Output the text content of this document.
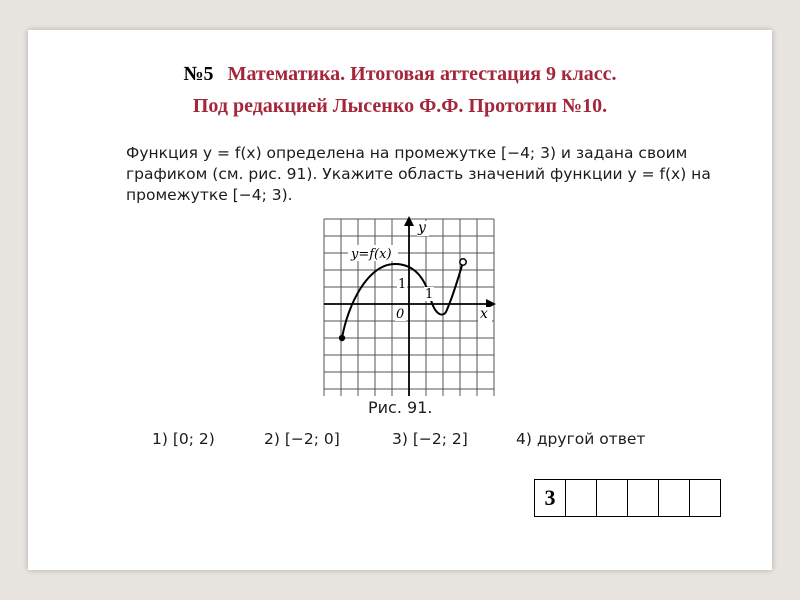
№5 Математика. Итоговая аттестация 9 класс.
Под редакцией Лысенко Ф.Ф. Прототип №10.

Функция y = f(x) определена на промежутке [−4; 3) и задана своим

графиком (см. рис. 91). Укажите область значений функции y = f(x) на

промежутке [−4; 3).

y=f(x)
y
x
0
1
1
Рис. 91.
1) [0; 2)	2) [−2; 0]	3) [−2; 2]	4) другой ответ
3					
